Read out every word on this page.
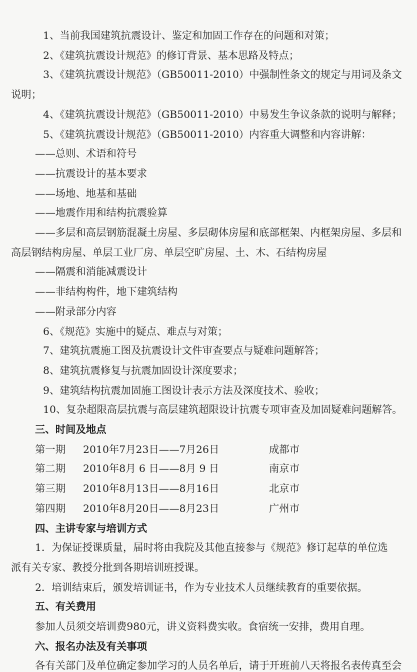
1、当前我国建筑抗震设计、鉴定和加固工作存在的问题和对策；
2、《建筑抗震设计规范》的修订背景、基本思路及特点；
3、《建筑抗震设计规范》（GB50011-2010）中强制性条文的规定与用词及条文
说明；
4、《建筑抗震设计规范》（GB50011-2010）中易发生争议条款的说明与解释；
5、《建筑抗震设计规范》（GB50011-2010）内容重大调整和内容讲解：
——总则、术语和符号
——抗震设计的基本要求
——场地、地基和基础
——地震作用和结构抗震验算
——多层和高层钢筋混凝土房屋、多层砌体房屋和底部框架、内框架房屋、多层和
高层钢结构房屋、单层工业厂房、单层空旷房屋、土、木、石结构房屋
——隔震和消能减震设计
——非结构构件，地下建筑结构
——附录部分内容
6、《规范》实施中的疑点、难点与对策；
7、建筑抗震施工图及抗震设计文件审查要点与疑难问题解答；
8、建筑抗震修复与抗震加固设计深度要求；
9、建筑结构抗震加固施工图设计表示方法及深度技术、验收；
10、复杂超限高层抗震与高层建筑超限设计抗震专项审查及加固疑难问题解答。
三、时间及地点
第一期 2010年7月23日——7月26日	成都市
第二期 2010年8月 6 日——8月 9 日	南京市
第三期 2010年8月13日——8月16日	北京市
第四期 2010年8月20日——8月23日	广州市
四、主讲专家与培训方式
1．为保证授课质量，届时将由我院及其他直接参与《规范》修订起草的单位选
派有关专家、教授分批到各期培训班授课。
2．培训结束后，颁发培训证书，作为专业技术人员继续教育的重要依据。
五、有关费用
参加人员须交培训费980元，讲义资料费实收。食宿统一安排，费用自理。
六、报名办法及有关事项
各有关部门及单位确定参加学习的人员名单后，请于开班前八天将报名表传真至会
